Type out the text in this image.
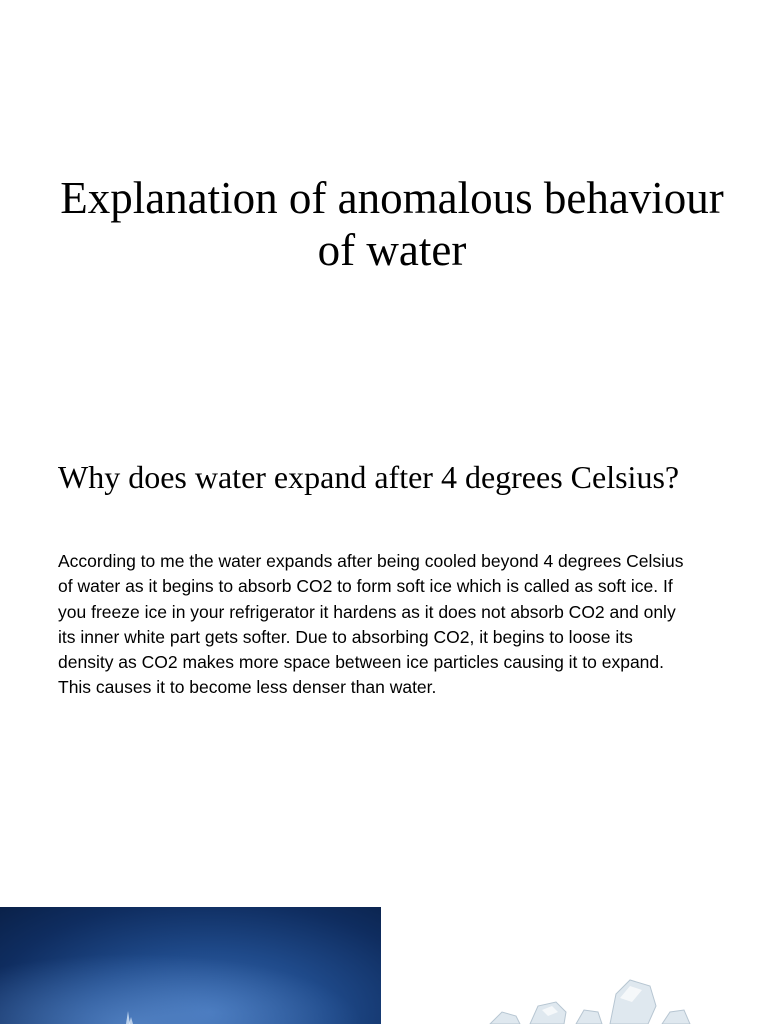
Explanation of anomalous behaviour of water
Why does water expand after 4 degrees Celsius?

According to me the water expands after being cooled beyond 4 degrees Celsius of water as it begins to absorb CO2 to form soft ice which is called as soft ice. If you freeze ice in your refrigerator it hardens as it does not absorb CO2 and only its inner white part gets softer. Due to absorbing CO2, it begins to loose its density as CO2 makes more space between ice particles causing it to expand. This causes it to become less denser than water.
